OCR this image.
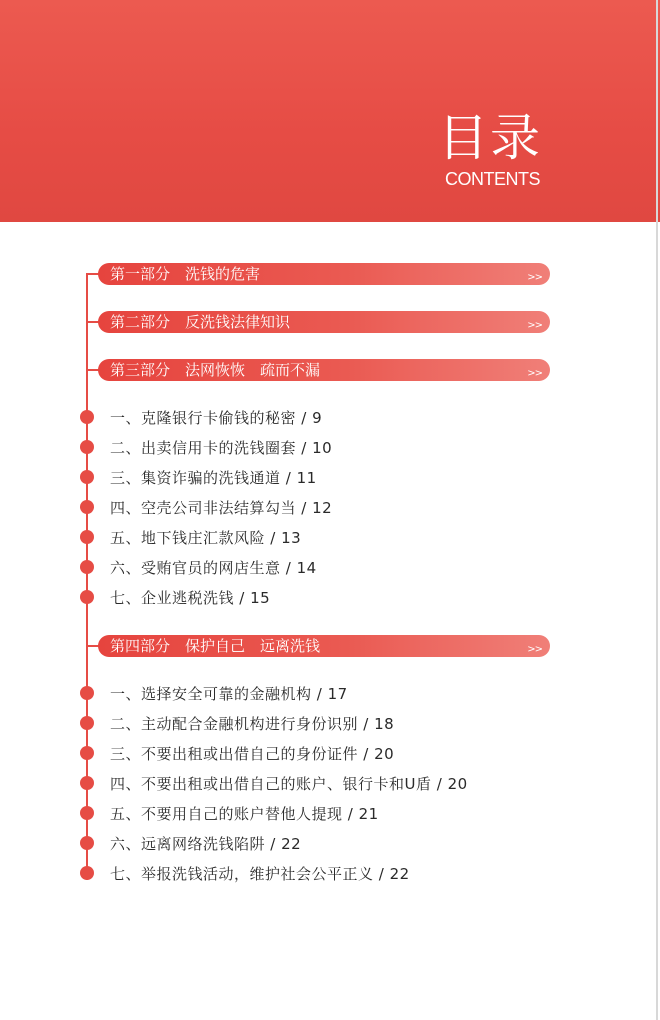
目录
CONTENTS
第一部分　洗钱的危害	>>
第二部分　反洗钱法律知识	>>
第三部分　法网恢恢　疏而不漏	>>
一、克隆银行卡偷钱的秘密 / 9
二、出卖信用卡的洗钱圈套 / 10
三、集资诈骗的洗钱通道 / 11
四、空壳公司非法结算勾当 / 12
五、地下钱庄汇款风险 / 13
六、受贿官员的网店生意 / 14
七、企业逃税洗钱 / 15
第四部分　保护自己　远离洗钱	>>
一、选择安全可靠的金融机构 / 17
二、主动配合金融机构进行身份识别 / 18
三、不要出租或出借自己的身份证件 / 20
四、不要出租或出借自己的账户、银行卡和U盾 / 20
五、不要用自己的账户替他人提现 / 21
六、远离网络洗钱陷阱 / 22
七、举报洗钱活动，维护社会公平正义 / 22
